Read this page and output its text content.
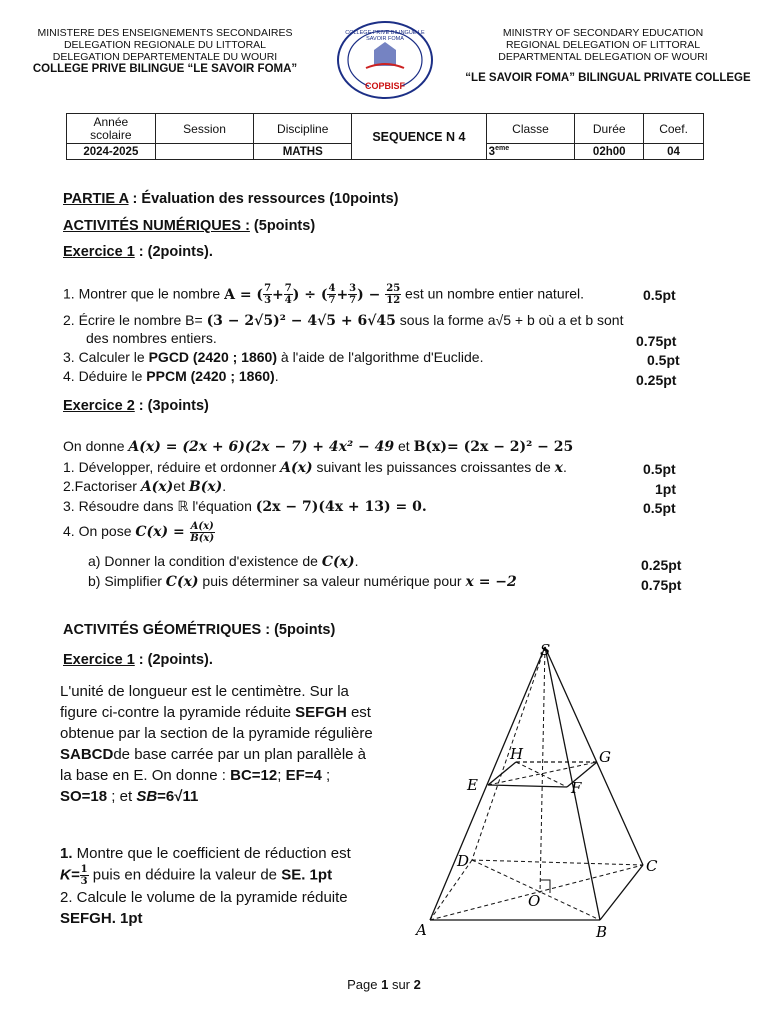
MINISTERE DES ENSEIGNEMENTS SECONDAIRES
DELEGATION REGIONALE DU LITTORAL
DELEGATION DEPARTEMENTALE DU WOURI
COLLEGE PRIVE BILINGUE “LE SAVOIR FOMA”
COLLEGE PRIVE BILINGUE LE SAVOIR FOMA
COPBISF
MINISTRY OF SECONDARY EDUCATION
REGIONAL DELEGATION OF LITTORAL
DEPARTMENTAL DELEGATION OF WOURI
“LE SAVOIR FOMA” BILINGUAL PRIVATE COLLEGE
Année
scolaire	Session	Discipline	SEQUENCE N 4	Classe	Durée	Coef.
2024-2025		MATHS		3eme	02h00	04
PARTIE A : Évaluation des ressources (10points)
ACTIVITÉS NUMÉRIQUES : (5points)
Exercice 1 : (2points).
1. Montrer que le nombre A = ( $\frac{7}{3} + \frac{7}{4}$ ) ÷ ( $\frac{4}{7} + \frac{3}{7}$ ) − $\frac{25}{12}$ est un nombre entier naturel.	0.5pt
2. Écrire le nombre B= (3 − 2√5)² − 4√5 + 6√45 sous la forme a√5 + b où a et b sont
des nombres entiers.	0.75pt
3. Calculer le PGCD (2420 ; 1860) à l'aide de l'algorithme d'Euclide.	0.5pt
4. Déduire le PPCM (2420 ; 1860).	0.25pt
Exercice 2 : (3points)
On donne A(x) = (2x + 6)(2x − 7) + 4x² − 49 et B(x)= (2x − 2)² − 25
1. Développer, réduire et ordonner A(x) suivant les puissances croissantes de x.	0.5pt
2.Factoriser A(x)et B(x).	1pt
3. Résoudre dans ℝ l'équation (2x − 7)(4x + 13) = 0.	0.5pt
4. On pose $C(x) = \frac{A(x)}{B(x)}$
a) Donner la condition d'existence de C(x).	0.25pt
b) Simplifier C(x) puis déterminer sa valeur numérique pour x = −2	0.75pt
ACTIVITÉS GÉOMÉTRIQUES : (5points)
Exercice 1 : (2points).
L'unité de longueur est le centimètre. Sur la
figure ci-contre la pyramide réduite SEFGH est
obtenue par la section de la pyramide régulière
SABCDde base carrée par un plan parallèle à
la base en E. On donne : BC=12; EF=4 ;
SO=18 ; et SB=6√11
1. Montre que le coefficient de réduction est
$K= \frac{1}{3}$ puis en déduire la valeur de SE. 1pt
2. Calcule le volume de la pyramide réduite
SEFGH. 1pt
S
H	G
E	F
D	C
O
A	B
Page 1 sur 2
